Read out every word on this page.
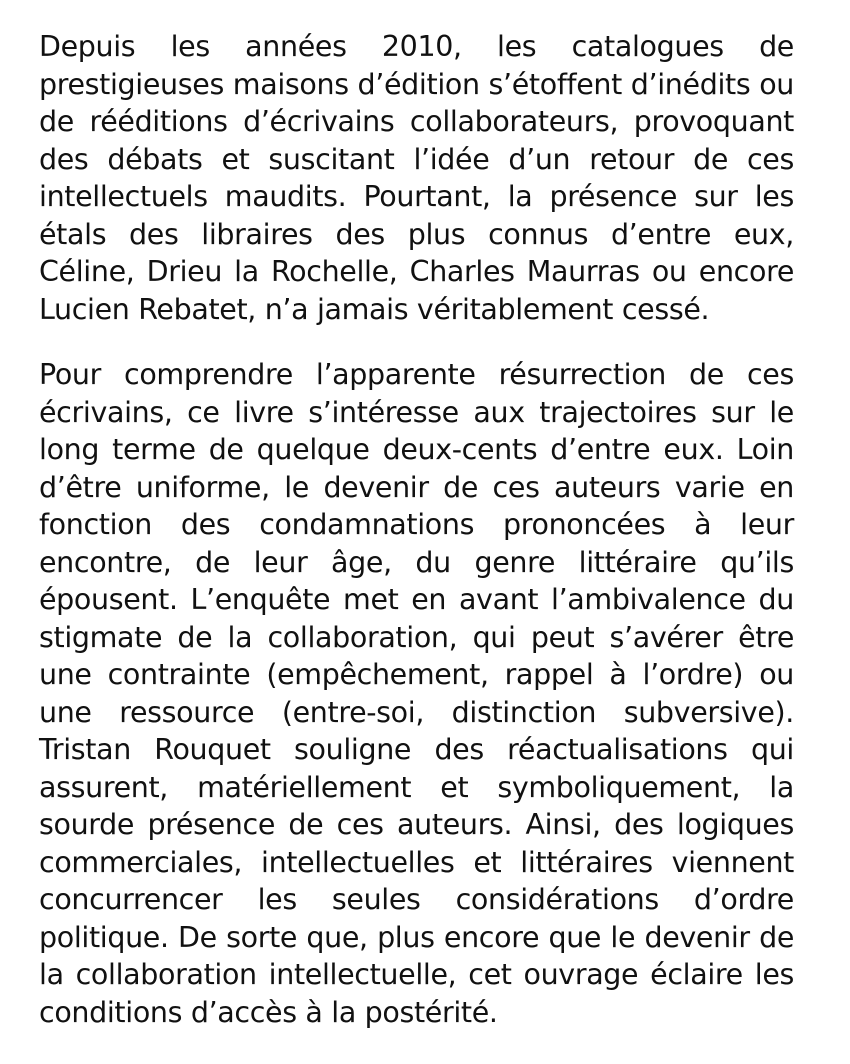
Depuis les années 2010, les catalogues de prestigieuses maisons d’édition s’étoffent d’inédits ou de rééditions d’écrivains collaborateurs, provoquant des débats et suscitant l’idée d’un retour de ces intellectuels maudits. Pourtant, la présence sur les étals des libraires des plus connus d’entre eux, Céline, Drieu la Rochelle, Charles Maurras ou encore Lucien Rebatet, n’a jamais véritablement cessé.

Pour comprendre l’apparente résurrection de ces écrivains, ce livre s’intéresse aux trajectoires sur le long terme de quelque deux-cents d’entre eux. Loin d’être uniforme, le devenir de ces auteurs varie en fonction des condamnations prononcées à leur encontre, de leur âge, du genre littéraire qu’ils épousent. L’enquête met en avant l’ambivalence du stigmate de la collaboration, qui peut s’avérer être une contrainte (empêchement, rappel à l’ordre) ou une ressource (entre-soi, distinction subversive). Tristan Rouquet souligne des réactualisations qui assurent, matériellement et symboliquement, la sourde présence de ces auteurs. Ainsi, des logiques commerciales, intellectuelles et littéraires viennent concurrencer les seules considérations d’ordre politique. De sorte que, plus encore que le devenir de la collaboration intellectuelle, cet ouvrage éclaire les conditions d’accès à la postérité.
